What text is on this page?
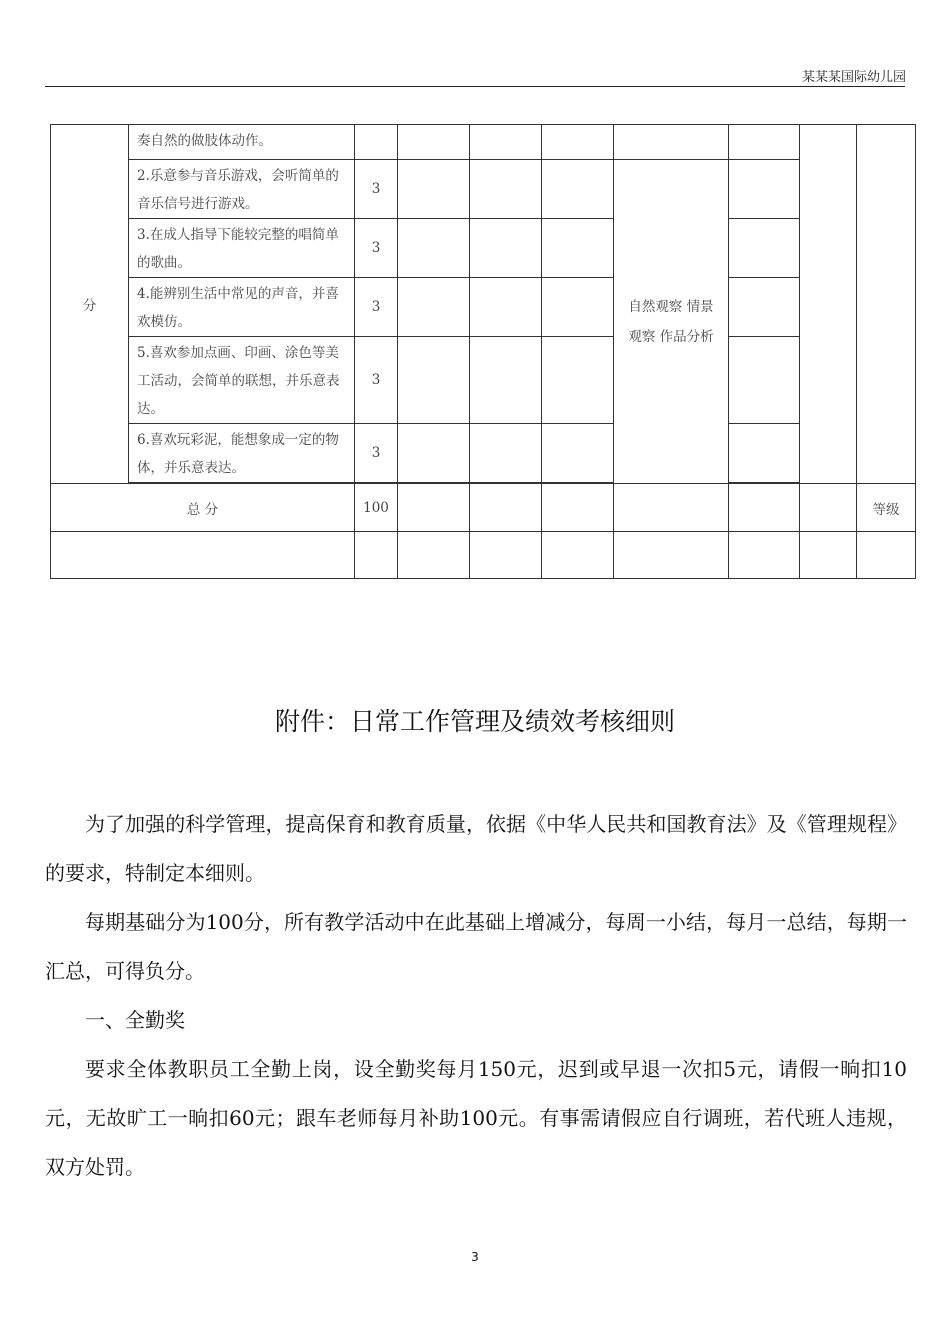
某某某国际幼儿园
分	奏自然的做肢体动作。								
	2.乐意参与音乐游戏，会听简单的音乐信号进行游戏。	3				自然观察 情景观察 作品分析			
	3.在成人指导下能较完整的唱简单的歌曲。	3							
	4.能辨别生活中常见的声音，并喜欢模仿。	3							
	5.喜欢参加点画、印画、涂色等美工活动，会简单的联想，并乐意表达。	3							
	6.喜欢玩彩泥，能想象成一定的物体，并乐意表达。	3							

总 分		100							等级

附件：日常工作管理及绩效考核细则

为了加强的科学管理，提高保育和教育质量，依据《中华人民共和国教育法》及《管理规程》的要求，特制定本细则。

每期基础分为100分，所有教学活动中在此基础上增减分，每周一小结，每月一总结，每期一汇总，可得负分。

一、全勤奖

要求全体教职员工全勤上岗，设全勤奖每月150元，迟到或早退一次扣5元，请假一晌扣10元，无故旷工一晌扣60元；跟车老师每月补助100元。有事需请假应自行调班，若代班人违规，双方处罚。

3
